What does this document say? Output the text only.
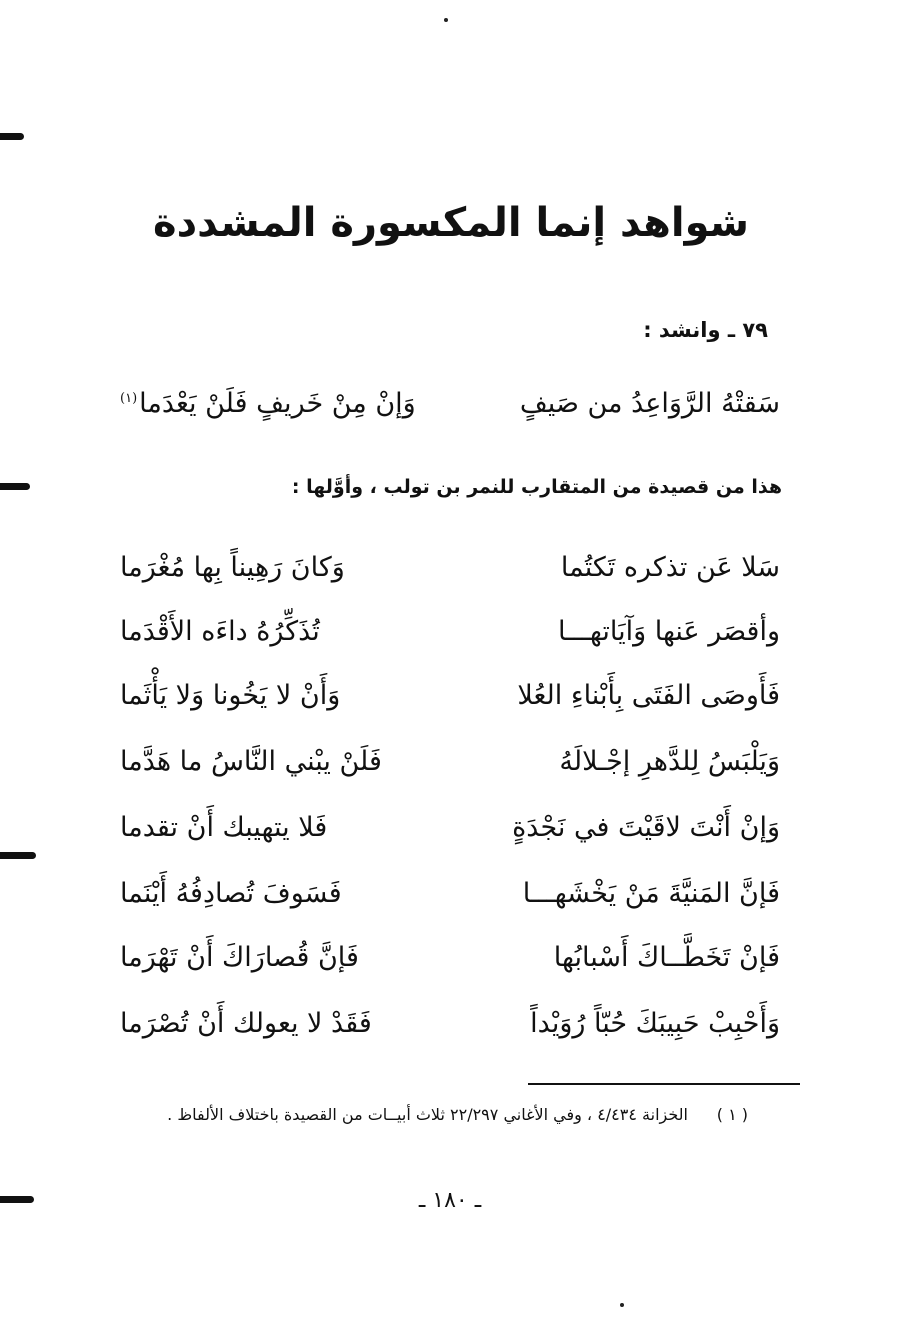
شواهد إنما المكسورة المشددة
٧٩ ـ وانشد :
سَقتْهُ الرَّوَاعِدُ من صَيفٍ
وَإنْ مِنْ خَريفٍ فَلَنْ يَعْدَما$^{(١)}$
هذا من قصيدة من المتقارب للنمر بن تولب ، وأوَّلها :
سَلا عَن تذكره تَكتُما
وَكانَ رَهِيناً بِها مُغْرَما
وأقصَر عَنها وَآيَاتهـــا
تُذَكِّرُهُ داءَه الأَقْدَما
فَأَوصَى الفَتَى بِأَبْناءِ العُلا
وَأَنْ لا يَخُونا وَلا يَأْثَما
وَيَلْبَسُ لِلدَّهرِ إجْـلالَهُ
فَلَنْ يبْني النَّاسُ ما هَدَّما
وَإنْ أَنْتَ لاقَيْتَ في نَجْدَةٍ
فَلا يتهيبك أَنْ تقدما
فَإنَّ المَنيَّةَ مَنْ يَخْشَهـــا
فَسَوفَ تُصادِفُهُ أَيْنَما
فَإنْ تَخَطَّــاكَ أَسْبابُها
فَإنَّ قُصارَاكَ أَنْ تَهْرَما
وَأَحْبِبْ حَبِيبَكَ حُبّاً رُوَيْداً
فَقَدْ لا يعولك أَنْ تُصْرَما
( ١ )الخزانة ٤/٤٣٤ ، وفي الأغاني ٢٢/٢٩٧ ثلاث أبيــات من القصيدة باختلاف الألفاظ .
ـ ١٨٠ ـ
